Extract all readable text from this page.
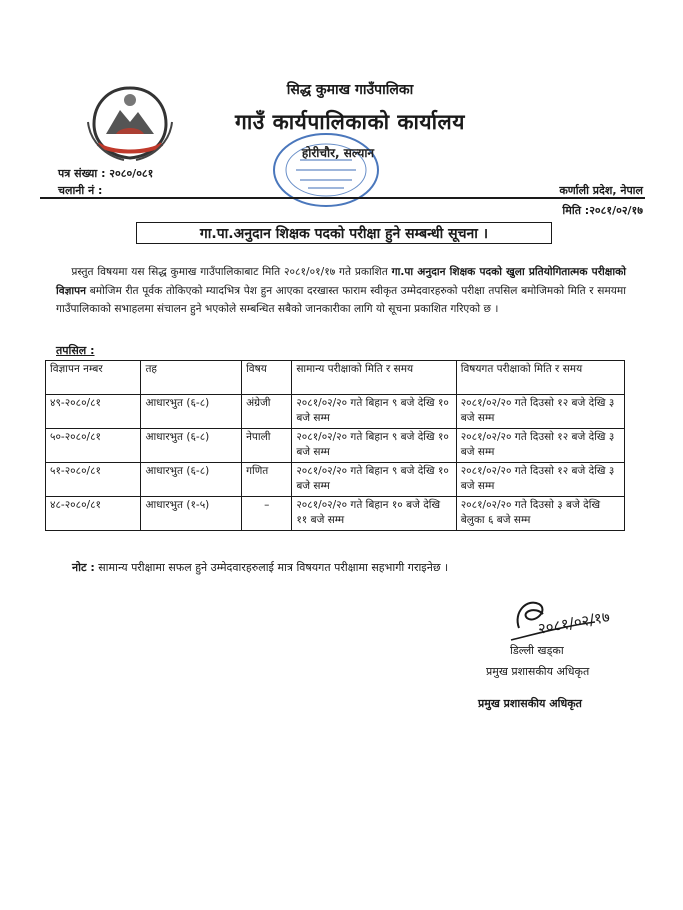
सिद्ध कुमाख गाउँपालिका
गाउँ कार्यपालिकाको कार्यालय
होरीचौर, सल्यान
पत्र संख्या : २०८०/०८१
चलानी नं :	कर्णाली प्रदेश, नेपाल
मिति :२०८१/०२/१७
गा.पा.अनुदान शिक्षक पदको परीक्षा हुने सम्बन्धी सूचना ।
प्रस्तुत विषयमा यस सिद्ध कुमाख गाउँपालिकाबाट मिति २०८१/०१/१७ गते प्रकाशित गा.पा अनुदान शिक्षक पदको खुला प्रतियोगितात्मक परीक्षाको विज्ञापन बमोजिम रीत पूर्वक तोकिएको म्यादभित्र पेश हुन आएका दरखास्त फाराम स्वीकृत उम्मेदवारहरुको परीक्षा तपसिल बमोजिमको मिति र समयमा गाउँपालिकाको सभाहलमा संचालन हुने भएकोले सम्बन्धित सबैको जानकारीका लागि यो सूचना प्रकाशित गरिएको छ ।
तपसिल :
विज्ञापन नम्बर	तह	विषय	सामान्य परीक्षाको मिति र समय	विषयगत परीक्षाको मिति र समय
४९-२०८०/८१	आधारभुत (६-८)	अंग्रेजी	२०८१/०२/२० गते बिहान ९ बजे देखि १० बजे सम्म	२०८१/०२/२० गते दिउसो १२ बजे देखि ३ बजे सम्म
५०-२०८०/८१	आधारभुत (६-८)	नेपाली	२०८१/०२/२० गते बिहान ९ बजे देखि १० बजे सम्म	२०८१/०२/२० गते दिउसो १२ बजे देखि ३ बजे सम्म
५१-२०८०/८१	आधारभुत (६-८)	गणित	२०८१/०२/२० गते बिहान ९ बजे देखि १० बजे सम्म	२०८१/०२/२० गते दिउसो १२ बजे देखि ३ बजे सम्म
४८-२०८०/८१	आधारभुत (१-५)	–	२०८१/०२/२० गते बिहान १० बजे देखि ११ बजे सम्म	२०८१/०२/२० गते दिउसो ३ बजे देखि बेलुका ६ बजे सम्म
नोट : सामान्य परीक्षामा सफल हुने उम्मेदवारहरुलाई मात्र विषयगत परीक्षामा सहभागी गराइनेछ ।
२०८१/०२/१७
डिल्ली खड्का
प्रमुख प्रशासकीय अधिकृत
प्रमुख प्रशासकीय अधिकृत
